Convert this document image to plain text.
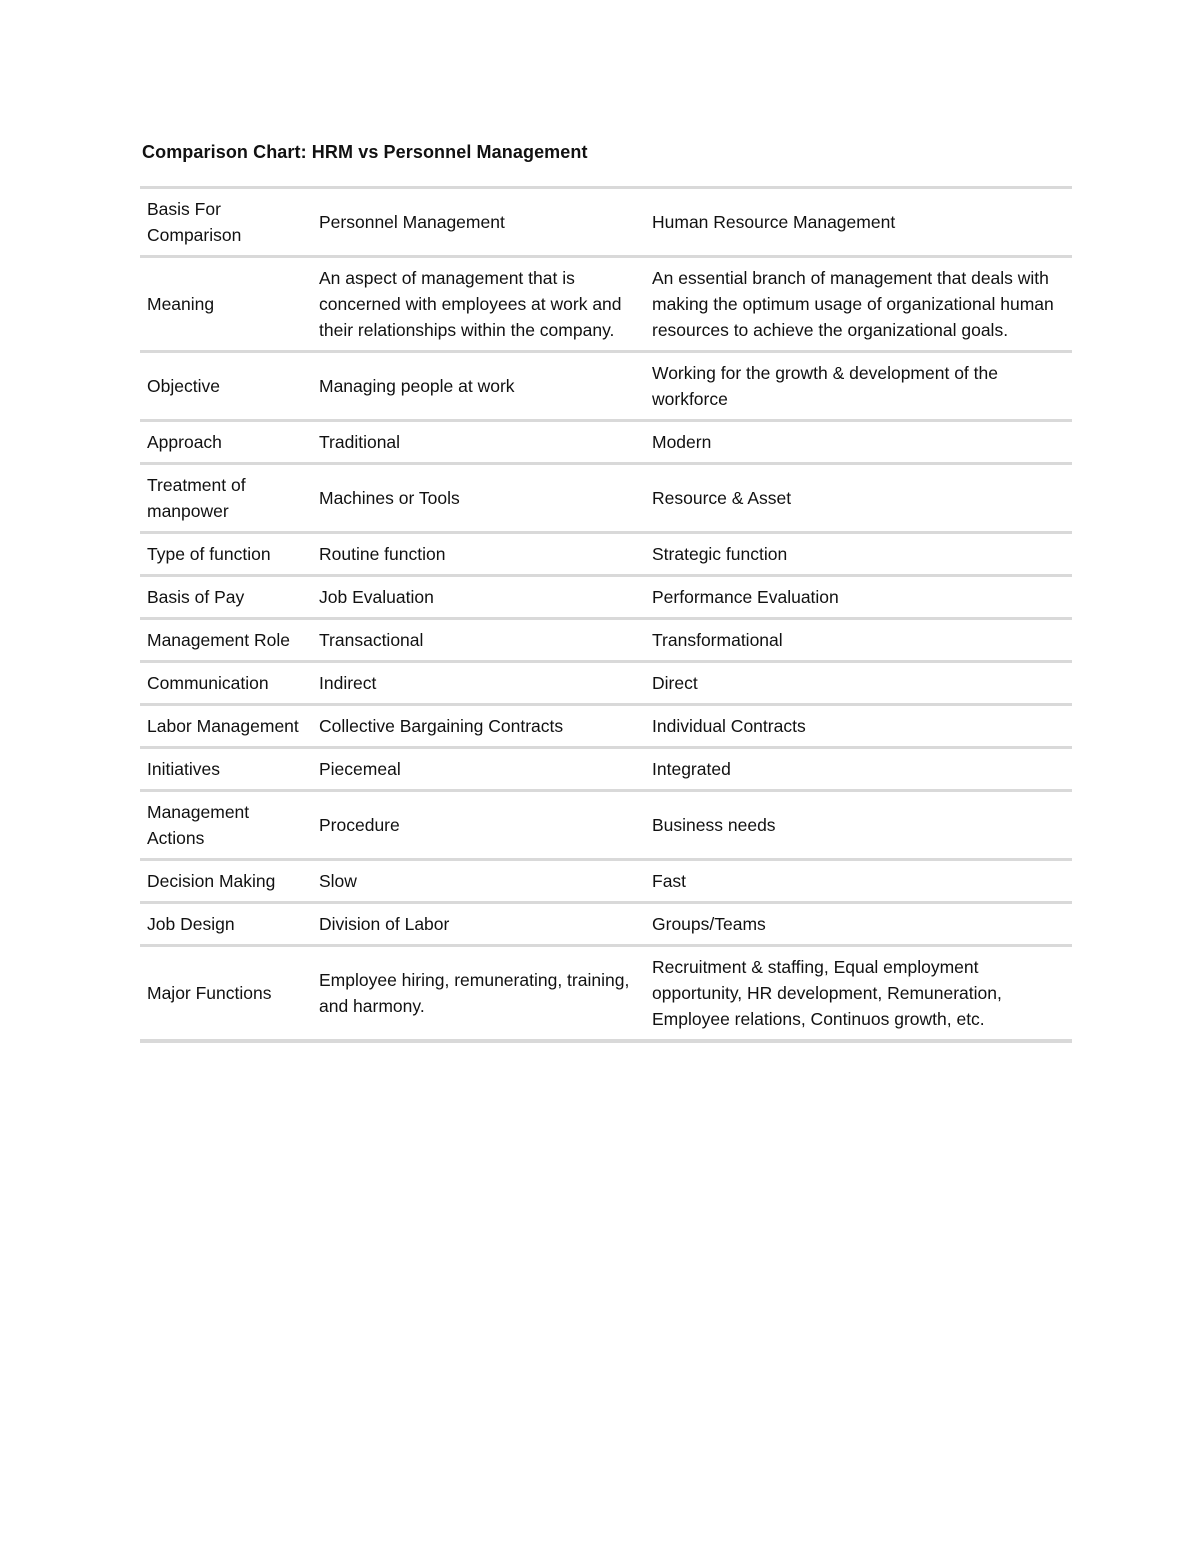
Comparison Chart: HRM vs Personnel Management
Basis For Comparison	Personnel Management	Human Resource Management
Meaning	An aspect of management that is concerned with employees at work and their relationships within the company.	An essential branch of management that deals with making the optimum usage of organizational human resources to achieve the organizational goals.
Objective	Managing people at work	Working for the growth & development of the workforce
Approach	Traditional	Modern
Treatment of manpower	Machines or Tools	Resource & Asset
Type of function	Routine function	Strategic function
Basis of Pay	Job Evaluation	Performance Evaluation
Management Role	Transactional	Transformational
Communication	Indirect	Direct
Labor Management	Collective Bargaining Contracts	Individual Contracts
Initiatives	Piecemeal	Integrated
Management Actions	Procedure	Business needs
Decision Making	Slow	Fast
Job Design	Division of Labor	Groups/Teams
Major Functions	Employee hiring, remunerating, training, and harmony.	Recruitment & staffing, Equal employment opportunity, HR development, Remuneration, Employee relations, Continuos growth, etc.
